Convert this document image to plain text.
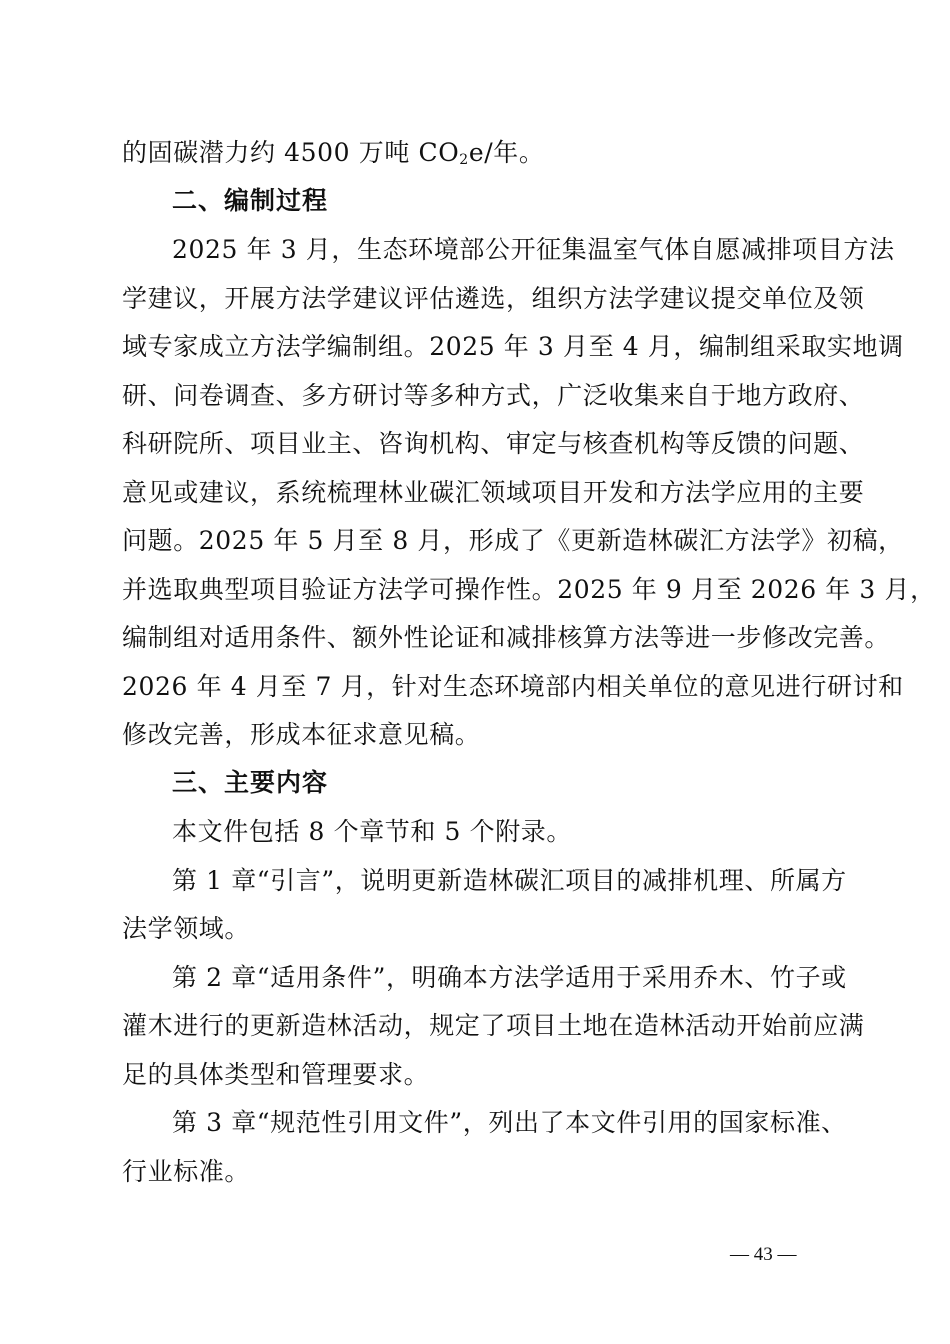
的固碳潜力约 4500 万吨 $CO_2e/$年。
二、编制过程
2025 年 3 月，生态环境部公开征集温室气体自愿减排项目方法
学建议，开展方法学建议评估遴选，组织方法学建议提交单位及领
域专家成立方法学编制组。2025 年 3 月至 4 月，编制组采取实地调
研、问卷调查、多方研讨等多种方式，广泛收集来自于地方政府、
科研院所、项目业主、咨询机构、审定与核查机构等反馈的问题、
意见或建议，系统梳理林业碳汇领域项目开发和方法学应用的主要
问题。2025 年 5 月至 8 月，形成了《更新造林碳汇方法学》初稿，
并选取典型项目验证方法学可操作性。2025 年 9 月至 2026 年 3 月，
编制组对适用条件、额外性论证和减排核算方法等进一步修改完善。
2026 年 4 月至 7 月，针对生态环境部内相关单位的意见进行研讨和
修改完善，形成本征求意见稿。
三、主要内容
本文件包括 8 个章节和 5 个附录。
第 1 章“引言”，说明更新造林碳汇项目的减排机理、所属方
法学领域。
第 2 章“适用条件”，明确本方法学适用于采用乔木、竹子或
灌木进行的更新造林活动，规定了项目土地在造林活动开始前应满
足的具体类型和管理要求。
第 3 章“规范性引用文件”，列出了本文件引用的国家标准、
行业标准。
— 43 —
